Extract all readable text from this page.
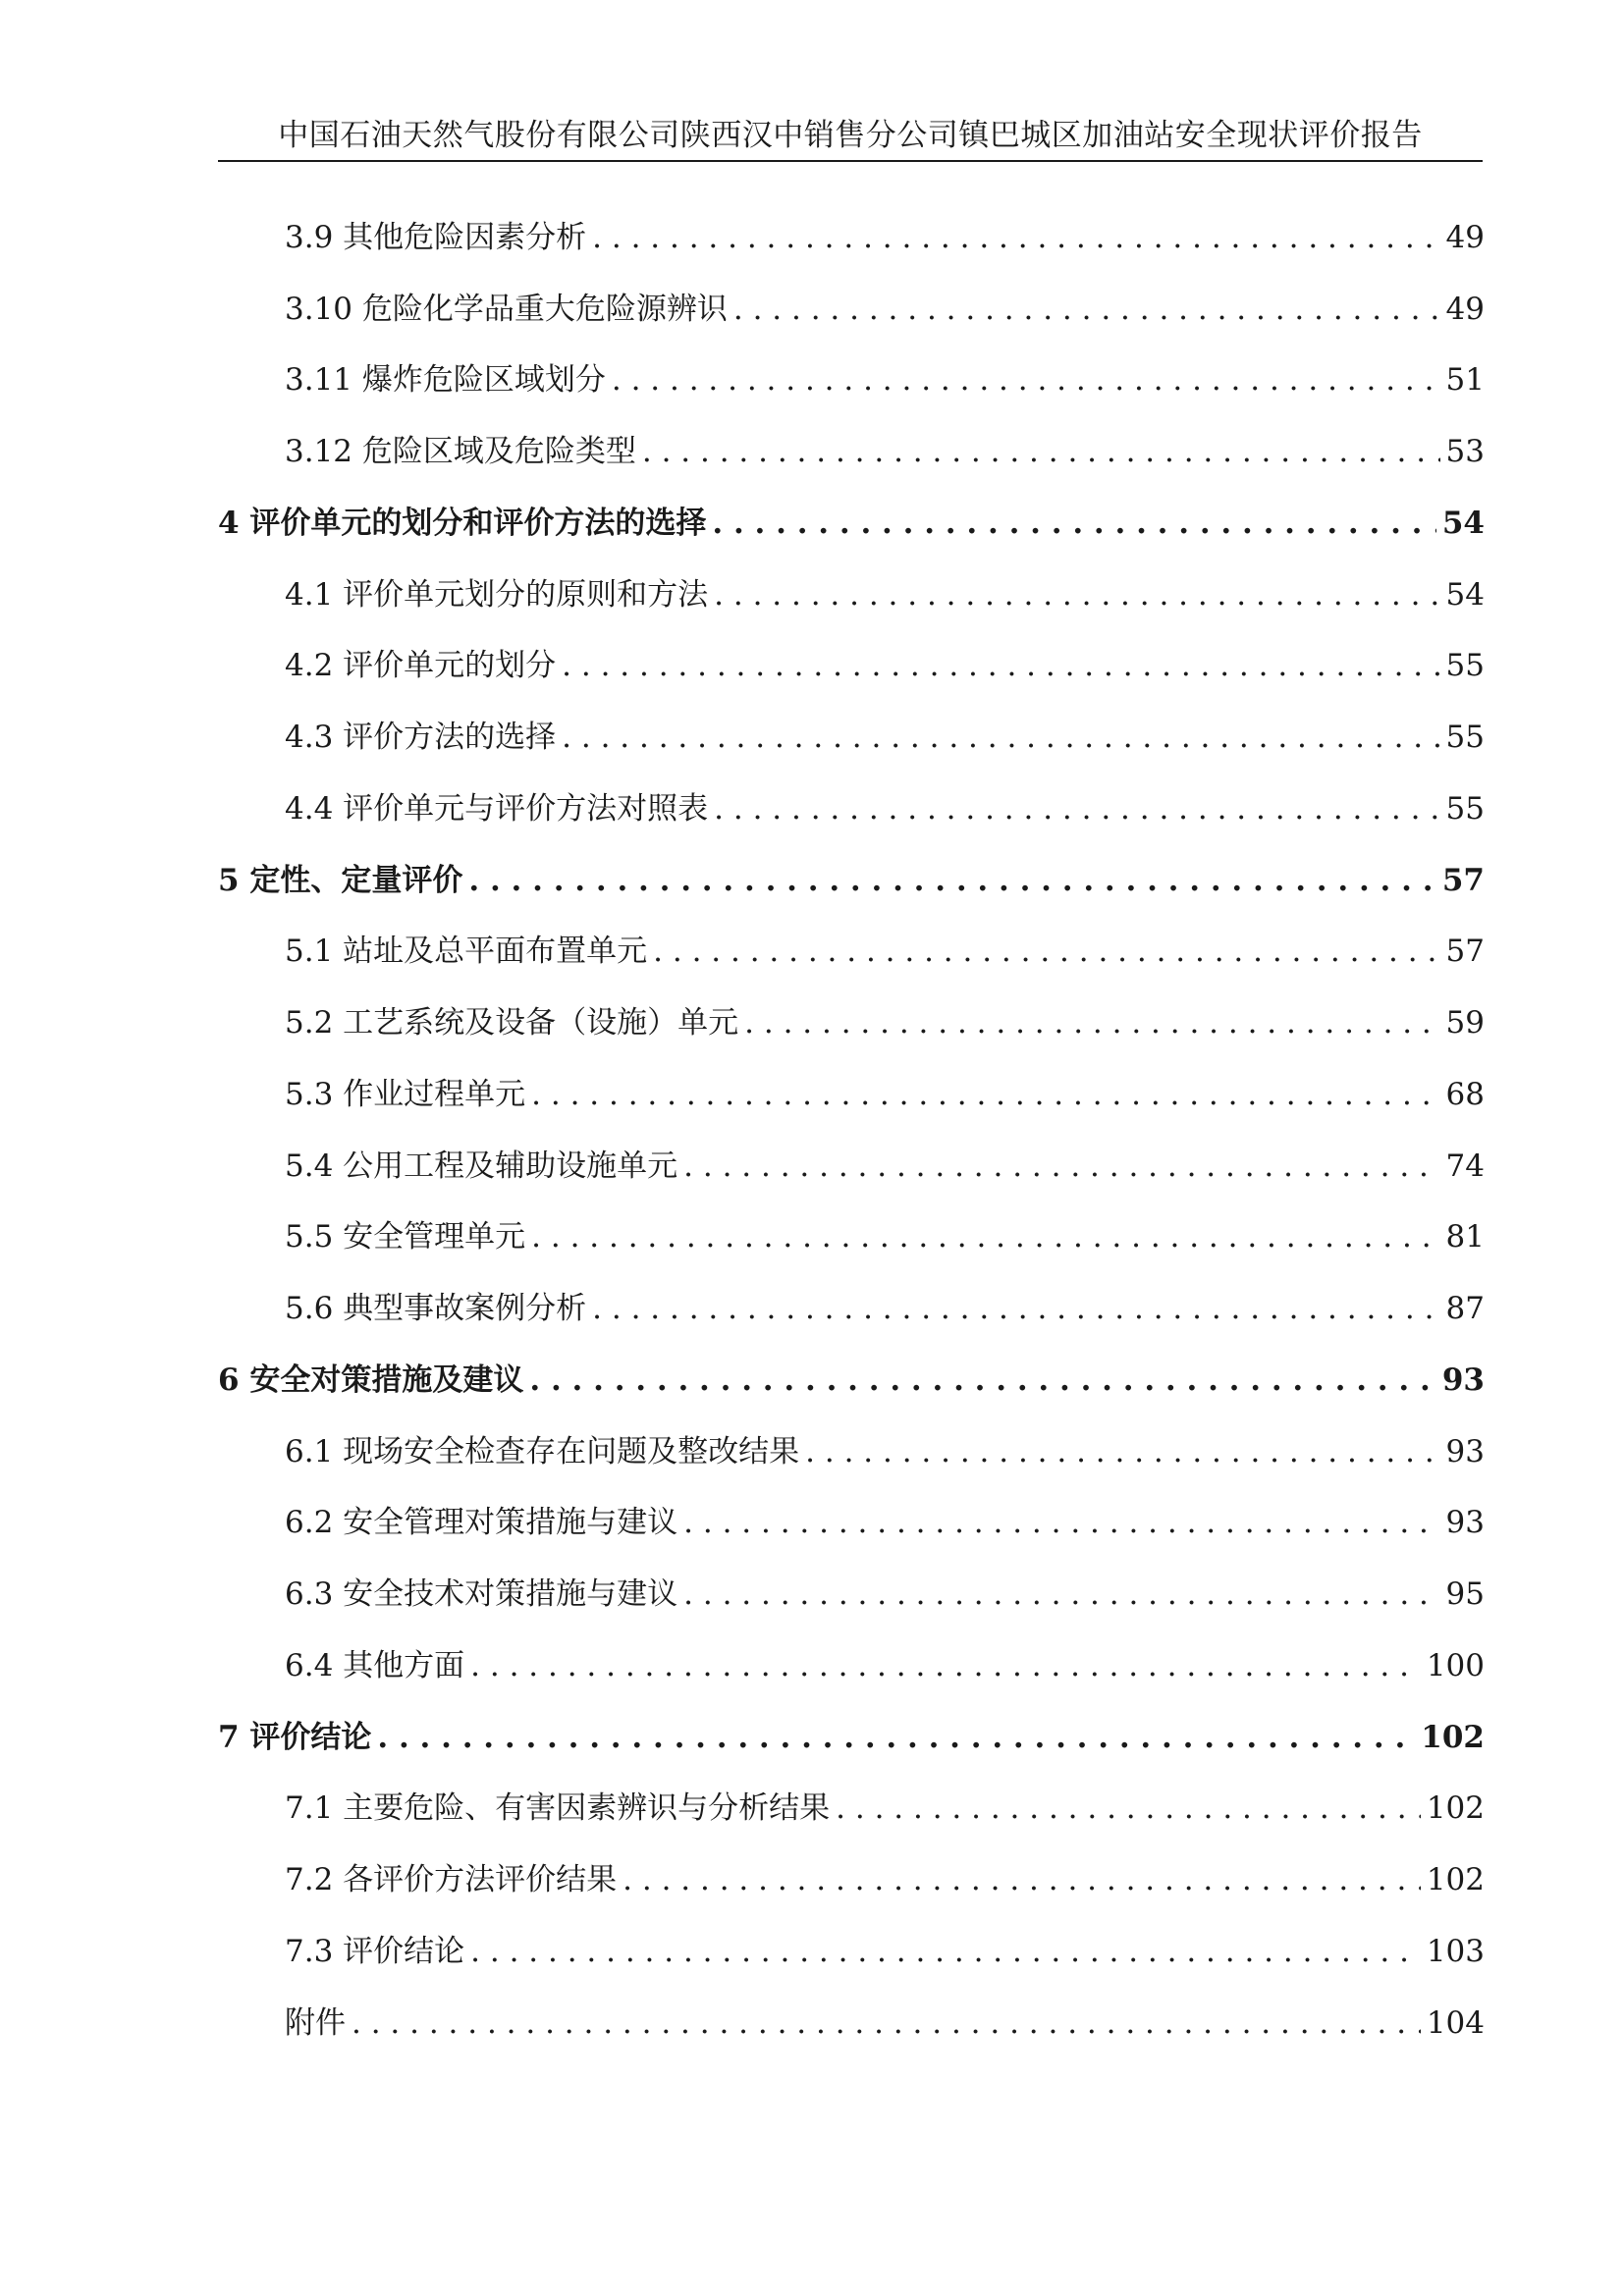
中国石油天然气股份有限公司陕西汉中销售分公司镇巴城区加油站安全现状评价报告
3.9 其他危险因素分析 . . .	49
3.10 危险化学品重大危险源辨识 . . .	49
3.11 爆炸危险区域划分 . . .	51
3.12 危险区域及危险类型 . . .	53
4 评价单元的划分和评价方法的选择 . . .	54
4.1 评价单元划分的原则和方法 . . .	54
4.2 评价单元的划分 . . .	55
4.3 评价方法的选择 . . .	55
4.4 评价单元与评价方法对照表 . . .	55
5 定性、定量评价 . . .	57
5.1 站址及总平面布置单元 . . .	57
5.2 工艺系统及设备（设施）单元 . . .	59
5.3 作业过程单元 . . .	68
5.4 公用工程及辅助设施单元 . . .	74
5.5 安全管理单元 . . .	81
5.6 典型事故案例分析 . . .	87
6 安全对策措施及建议 . . .	93
6.1 现场安全检查存在问题及整改结果 . . .	93
6.2 安全管理对策措施与建议 . . .	93
6.3 安全技术对策措施与建议 . . .	95
6.4 其他方面 . . .	100
7 评价结论 . . .	102
7.1 主要危险、有害因素辨识与分析结果 . . .	102
7.2 各评价方法评价结果 . . .	102
7.3 评价结论 . . .	103
附件 . . .	104
